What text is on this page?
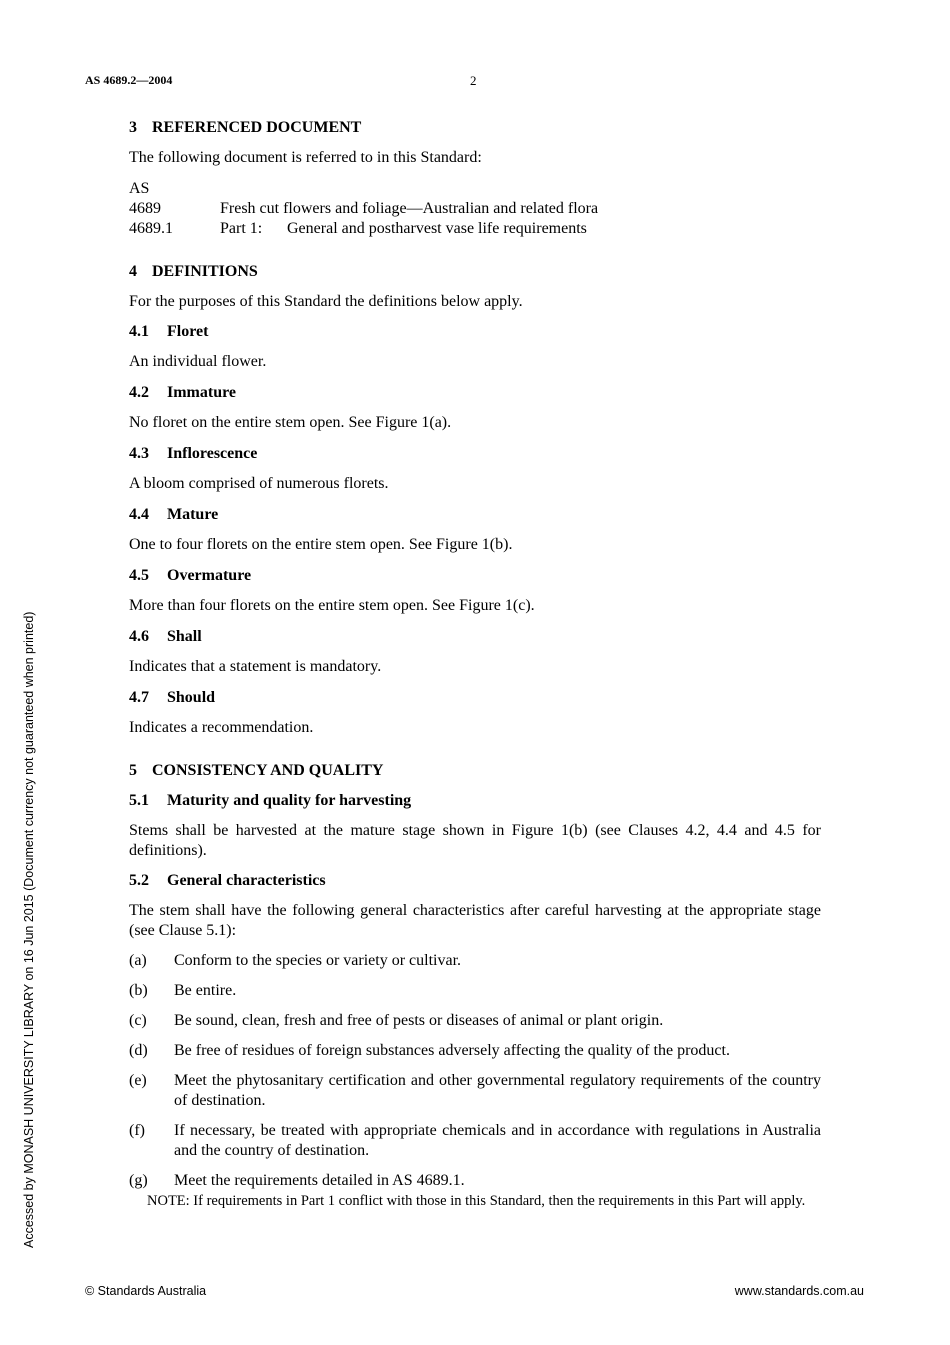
AS 4689.2—2004	2
3 REFERENCED DOCUMENT

The following document is referred to in this Standard:

AS
4689	Fresh cut flowers and foliage—Australian and related flora
4689.1	Part 1: General and postharvest vase life requirements
4 DEFINITIONS

For the purposes of this Standard the definitions below apply.

4.1 Floret

An individual flower.

4.2 Immature

No floret on the entire stem open. See Figure 1(a).

4.3 Inflorescence

A bloom comprised of numerous florets.

4.4 Mature

One to four florets on the entire stem open. See Figure 1(b).

4.5 Overmature

More than four florets on the entire stem open. See Figure 1(c).

4.6 Shall

Indicates that a statement is mandatory.

4.7 Should

Indicates a recommendation.

5 CONSISTENCY AND QUALITY
5.1 Maturity and quality for harvesting

Stems shall be harvested at the mature stage shown in Figure 1(b) (see Clauses 4.2, 4.4 and 4.5 for definitions).

5.2 General characteristics

The stem shall have the following general characteristics after careful harvesting at the appropriate stage (see Clause 5.1):

(a)	Conform to the species or variety or cultivar.
(b)	Be entire.
(c)	Be sound, clean, fresh and free of pests or diseases of animal or plant origin.
(d)	Be free of residues of foreign substances adversely affecting the quality of the product.
(e)	Meet the phytosanitary certification and other governmental regulatory requirements of the country of destination.
(f)	If necessary, be treated with appropriate chemicals and in accordance with regulations in Australia and the country of destination.
(g)	Meet the requirements detailed in AS 4689.1.
NOTE: If requirements in Part 1 conflict with those in this Standard, then the requirements in this Part will apply.
Accessed by MONASH UNIVERSITY LIBRARY on 16 Jun 2015 (Document currency not guaranteed when printed)
© Standards Australia	www.standards.com.au
